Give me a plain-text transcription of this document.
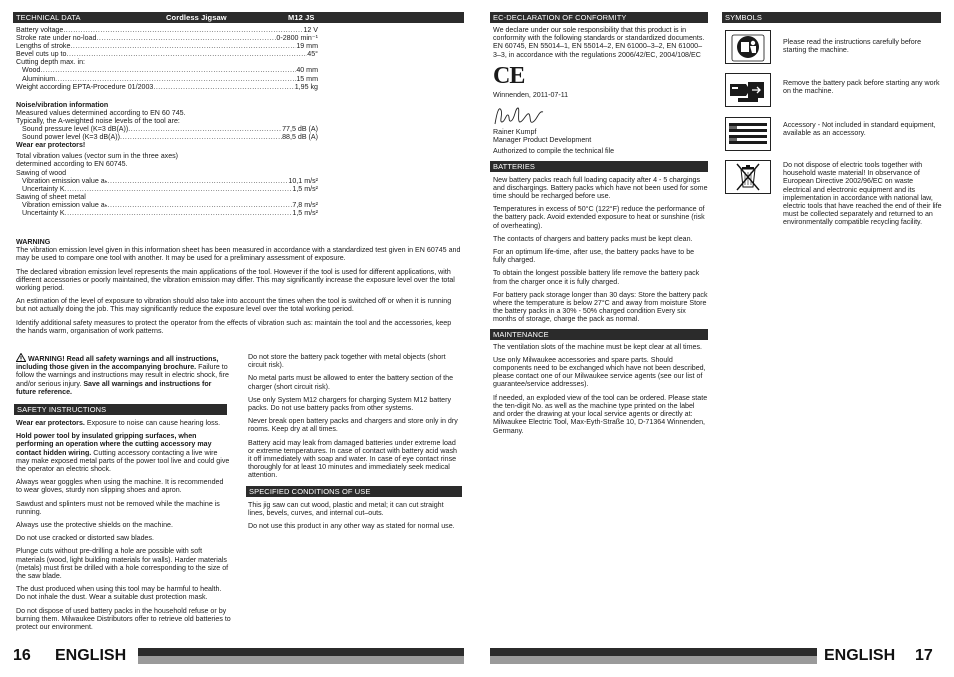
TECHNICAL DATA	Cordless Jigsaw	M12 JS
Battery voltage .....	12 V
Stroke rate under no-load .....	0-2800 min⁻¹
Lengths of stroke .....	19 mm
Bevel cuts up to .....	45°
Cutting depth max. in:
Wood .....	40 mm
Aluminium .....	15 mm
Weight according EPTA-Procedure 01/2003 .....	1,95 kg
Noise/vibration information
Measured values determined according to EN 60 745.
Typically, the A-weighted noise levels of the tool are:
Sound pressure level (K=3 dB(A)) .....	77,5 dB (A)
Sound power level (K=3 dB(A)) .....	88,5 dB (A)
Wear ear protectors!
Total vibration values (vector sum in the three axes)
determined according to EN 60745.
Sawing of wood
Vibration emission value aₕ .....	10,1 m/s²
Uncertainty K .....	1,5 m/s²
Sawing of sheet metal
Vibration emission value aₕ .....	7,8 m/s²
Uncertainty K .....	1,5 m/s²
WARNING

The vibration emission level given in this information sheet has been measured in accordance with a standardized test given in EN 60745 and may be used to compare one tool with another. It may be used for a preliminary assessment of exposure.

The declared vibration emission level represents the main applications of the tool. However if the tool is used for different applications, with different accessories or poorly maintained, the vibration emission may differ. This may significantly increase the exposure level over the total working period.

An estimation of the level of exposure to vibration should also take into account the times when the tool is switched off or when it is running but not actually doing the job. This may significantly reduce the exposure level over the total working period.

Identify additional safety measures to protect the operator from the effects of vibration such as: maintain the tool and the accessories, keep the hands warm, organisation of work patterns.

WARNING! Read all safety warnings and all instructions, including those given in the accompanying brochure. Failure to follow the warnings and instructions may result in electric shock, fire and/or serious injury. Save all warnings and instructions for future reference.

SAFETY INSTRUCTIONS

Wear ear protectors. Exposure to noise can cause hearing loss.

Hold power tool by insulated gripping surfaces, when performing an operation where the cutting accessory may contact hidden wiring. Cutting accessory contacting a live wire may make exposed metal parts of the power tool live and could give the operator an electric shock.

Always wear goggles when using the machine. It is recommended to wear gloves, sturdy non slipping shoes and apron.

Sawdust and splinters must not be removed while the machine is running.

Always use the protective shields on the machine.

Do not use cracked or distorted saw blades.

Plunge cuts without pre-drilling a hole are possible with soft materials (wood, light building materials for walls). Harder materials (metals) must first be drilled with a hole corresponding to the size of the saw blade.

The dust produced when using this tool may be harmful to health. Do not inhale the dust. Wear a suitable dust protection mask.

Do not dispose of used battery packs in the household refuse or by burning them. Milwaukee Distributors offer to retrieve old batteries to protect our environment.

Do not store the battery pack together with metal objects (short circuit risk).

No metal parts must be allowed to enter the battery section of the charger (short circuit risk).

Use only System M12 chargers for charging System M12 battery packs. Do not use battery packs from other systems.

Never break open battery packs and chargers and store only in dry rooms. Keep dry at all times.

Battery acid may leak from damaged batteries under extreme load or extreme temperatures. In case of contact with battery acid wash it off immediately with soap and water. In case of eye contact rinse thoroughly for at least 10 minutes and immediately seek medical attention.

SPECIFIED CONDITIONS OF USE

This jig saw can cut wood, plastic and metal; it can cut straight lines, bevels, curves, and internal cut–outs.

Do not use this product in any other way as stated for normal use.

16 ENGLISH
EC-DECLARATION OF CONFORMITY

We declare under our sole responsibility that this product is in conformity with the following standards or standardized documents. EN 60745, EN 55014–1, EN 55014–2, EN 61000–3–2, EN 61000–3–3, in accordance with the regulations 2006/42/EC, 2004/108/EC

CE

Winnenden, 2011-07-11

Rainer Kumpf
Manager Product Development

Authorized to compile the technical file

BATTERIES

New battery packs reach full loading capacity after 4 - 5 chargings and dischargings. Battery packs which have not been used for some time should be recharged before use.

Temperatures in excess of 50°C (122°F) reduce the performance of the battery pack. Avoid extended exposure to heat or sunshine (risk of overheating).

The contacts of chargers and battery packs must be kept clean.

For an optimum life-time, after use, the battery packs have to be fully charged.

To obtain the longest possible battery life remove the battery pack from the charger once it is fully charged.

For battery pack storage longer than 30 days: Store the battery pack where the temperature is below 27°C and away from moisture Store the battery packs in a 30% - 50% charged condition Every six months of storage, charge the pack as normal.

MAINTENANCE

The ventilation slots of the machine must be kept clear at all times.

Use only Milwaukee accessories and spare parts. Should components need to be exchanged which have not been described, please contact one of our Milwaukee service agents (see our list of guarantee/service addresses).

If needed, an exploded view of the tool can be ordered. Please state the ten-digit No. as well as the machine type printed on the label and order the drawing at your local service agents or directly at: Milwaukee Electric Tool, Max-Eyth-Straße 10, D-71364 Winnenden, Germany.

SYMBOLS
Please read the instructions carefully before starting the machine.
Remove the battery pack before starting any work on the machine.
Accessory - Not included in standard equipment, available as an accessory.
Do not dispose of electric tools together with household waste material! In observance of European Directive 2002/96/EC on waste electrical and electronic equipment and its implementation in accordance with national law, electric tools that have reached the end of their life must be collected separately and returned to an environmentally compatible recycling facility.
ENGLISH 17
